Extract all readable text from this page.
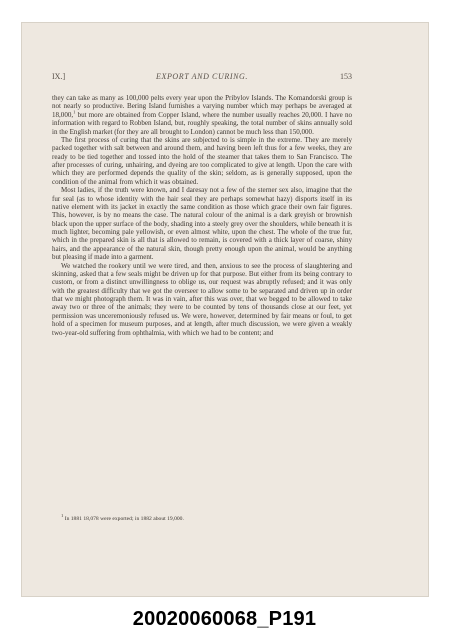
IX.]	EXPORT AND CURING.	153

they can take as many as 100,000 pelts every year upon the Pribylov Islands. The Komandorski group is not nearly so productive. Bering Island furnishes a varying number which may perhaps be averaged at 18,000,$^1$ but more are obtained from Copper Island, where the number usually reaches 20,000. I have no information with regard to Robben Island, but, roughly speaking, the total number of skins annually sold in the English market (for they are all brought to London) cannot be much less than 150,000.

The first process of curing that the skins are subjected to is simple in the extreme. They are merely packed together with salt between and around them, and having been left thus for a few weeks, they are ready to be tied together and tossed into the hold of the steamer that takes them to San Francisco. The after processes of curing, unhairing, and dyeing are too complicated to give at length. Upon the care with which they are performed depends the quality of the skin; seldom, as is generally supposed, upon the condition of the animal from which it was obtained.

Most ladies, if the truth were known, and I daresay not a few of the sterner sex also, imagine that the fur seal (as to whose identity with the hair seal they are perhaps somewhat hazy) disports itself in its native element with its jacket in exactly the same condition as those which grace their own fair figures. This, however, is by no means the case. The natural colour of the animal is a dark greyish or brownish black upon the upper surface of the body, shading into a steely grey over the shoulders, while beneath it is much lighter, becoming pale yellowish, or even almost white, upon the chest. The whole of the true fur, which in the prepared skin is all that is allowed to remain, is covered with a thick layer of coarse, shiny hairs, and the appearance of the natural skin, though pretty enough upon the animal, would be anything but pleasing if made into a garment.

We watched the rookery until we were tired, and then, anxious to see the process of slaughtering and skinning, asked that a few seals might be driven up for that purpose. But either from its being contrary to custom, or from a distinct unwillingness to oblige us, our request was abruptly refused; and it was only with the greatest difficulty that we got the overseer to allow some to be separated and driven up in order that we might photograph them. It was in vain, after this was over, that we begged to be allowed to take away two or three of the animals; they were to be counted by tens of thousands close at our feet, yet permission was unceremoniously refused us. We were, however, determined by fair means or foul, to get hold of a specimen for museum purposes, and at length, after much discussion, we were given a weakly two-year-old suffering from ophthalmia, with which we had to be content; and

$^1$ In 1881 18,078 were exported; in 1882 about 19,000.
20020060068_P191
